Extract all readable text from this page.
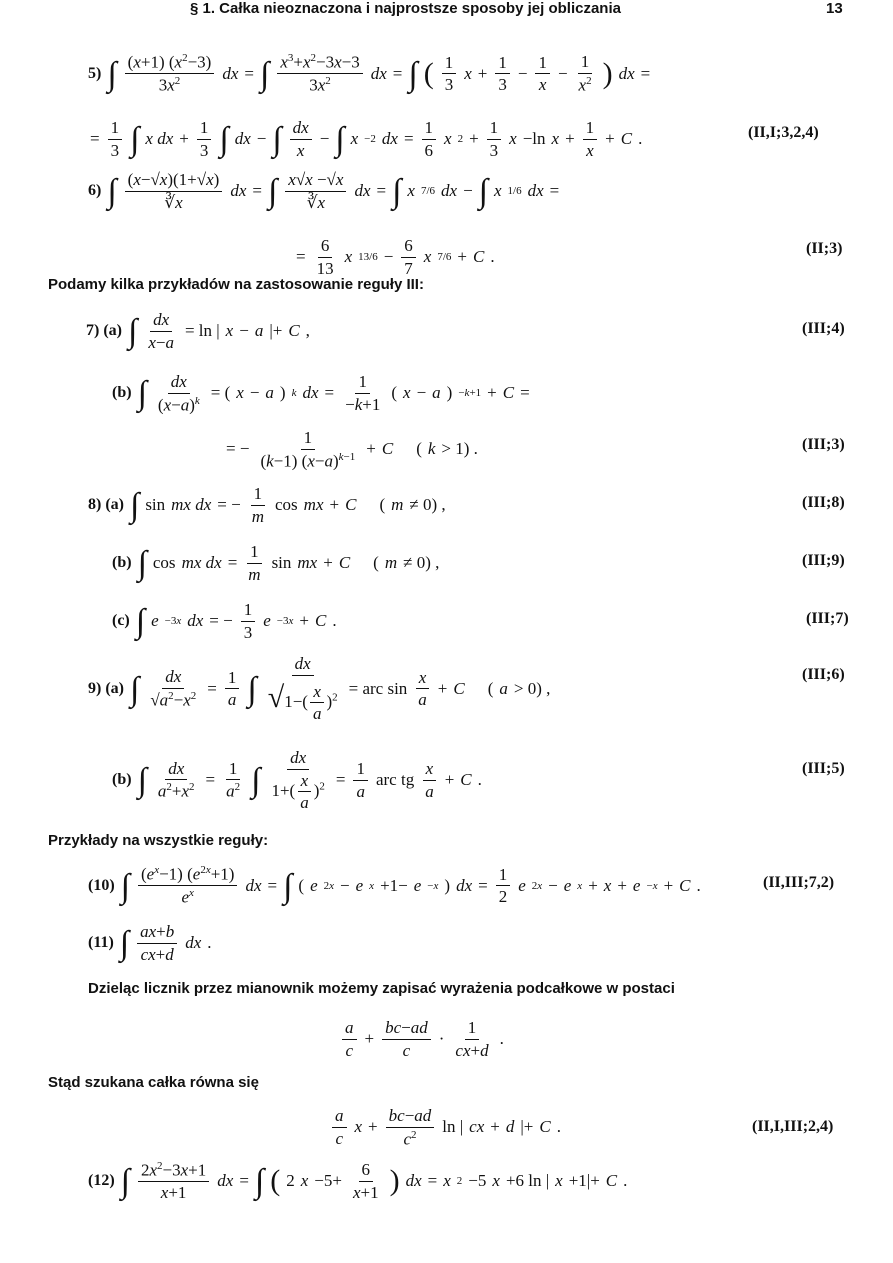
§ 1. Całka nieoznaczona i najprostsze sposoby jej obliczania	13
5) ∫ $\frac{(x+1) (x^2-3)}{3x^2}$ dx = ∫ $\frac{x^3+x^2-3x-3}{3x^2}$ dx = ∫ ( $\frac{1}{3}$ $x + \frac{1}{3} - \frac{1}{x} - \frac{1}{x^2}$ ) dx =
= $\frac{1}{3}$ ∫ x dx + $\frac{1}{3}$ ∫ dx − ∫ $\frac{dx}{x}$ − ∫ x −2 dx = $\frac{1}{6}$ x $2 + \frac{1}{3}$ x −ln $x + \frac{1}{x} + C$ .	(II,I;3,2,4)
6) ∫ $\frac{(x-√x)(1+√x)}{∛x}$ dx = ∫ $\frac{x√x -√x}{∛x}$ dx = ∫ x 7/6 dx − ∫ x 1/6 dx =
= $\frac{6}{13}$ x $13/6 - \frac{6}{7}$ x 7/6 + C .	(II;3)
Podamy kilka przykładów na zastosowanie reguły III:
7) (a) ∫ $\frac{dx}{x-a} = \ln$ | x − a |+ C ,	(III;4)
(b) ∫ $\frac{dx}{(x-a)^k}$ = ( x − a ) k dx = $\frac{1}{-k+1}$ ( x − a ) −k+1 + C =
= − $\frac{1}{(k-1) (x-a)^{k-1}} + C$ ( k > 1) .	(III;3)
8) (a) ∫ sin mx dx = − $\frac{1}{m}$ cos mx + C ( m ≠ 0) ,	(III;8)
(b) ∫ cos mx dx = $\frac{1}{m}$ sin mx + C ( m ≠ 0) ,	(III;9)
(c) ∫ e −3x dx = − $\frac{1}{3}$ e −3x + C .	(III;7)
9) (a) ∫ $\frac{dx}{√a^2-x^2} = \frac{1}{a}$ ∫ $\frac{dx}{√1-( \frac{x}{a} )^2}$ = arc $\sin \frac{x}{a} + C$ ( a > 0) ,
(III;6)
(b) ∫ $\frac{dx}{a^2+x^2} = \frac{1}{a^2}$ ∫ $\frac{dx}{1+( \frac{x}{a} )^2} = \frac{1}{a}$ arc tg $\frac{x}{a} + C$ .
(III;5)
Przykłady na wszystkie reguły:
(10) ∫ $\frac{(e^x-1) (e^{2x}+1)}{e^x}$ dx = ∫ ( e 2x − e x +1− e −x ) dx = $\frac{1}{2}$ e 2x − e x + x + e −x + C .	(II,III;7,2)
(11) ∫ $\frac{ax+b}{cx+d}$ dx .
Dzieląc licznik przez mianownik możemy zapisać wyrażenia podcałkowe w postaci
$\frac{a}{c} + \frac{bc-ad}{c} \cdot \frac{1}{cx+d}$ .
Stąd szukana całka równa się
$\frac{a}{c}$ $x + \frac{bc-ad}{c^2}$ ln | cx + d |+ C .	(II,I,III;2,4)
(12) ∫ $\frac{2x^2-3x+1}{x+1}$ dx = ∫ ( 2 $x -5+ \frac{6}{x+1}$ ) dx = x 2 −5 x +6 ln | x +1|+ C .
